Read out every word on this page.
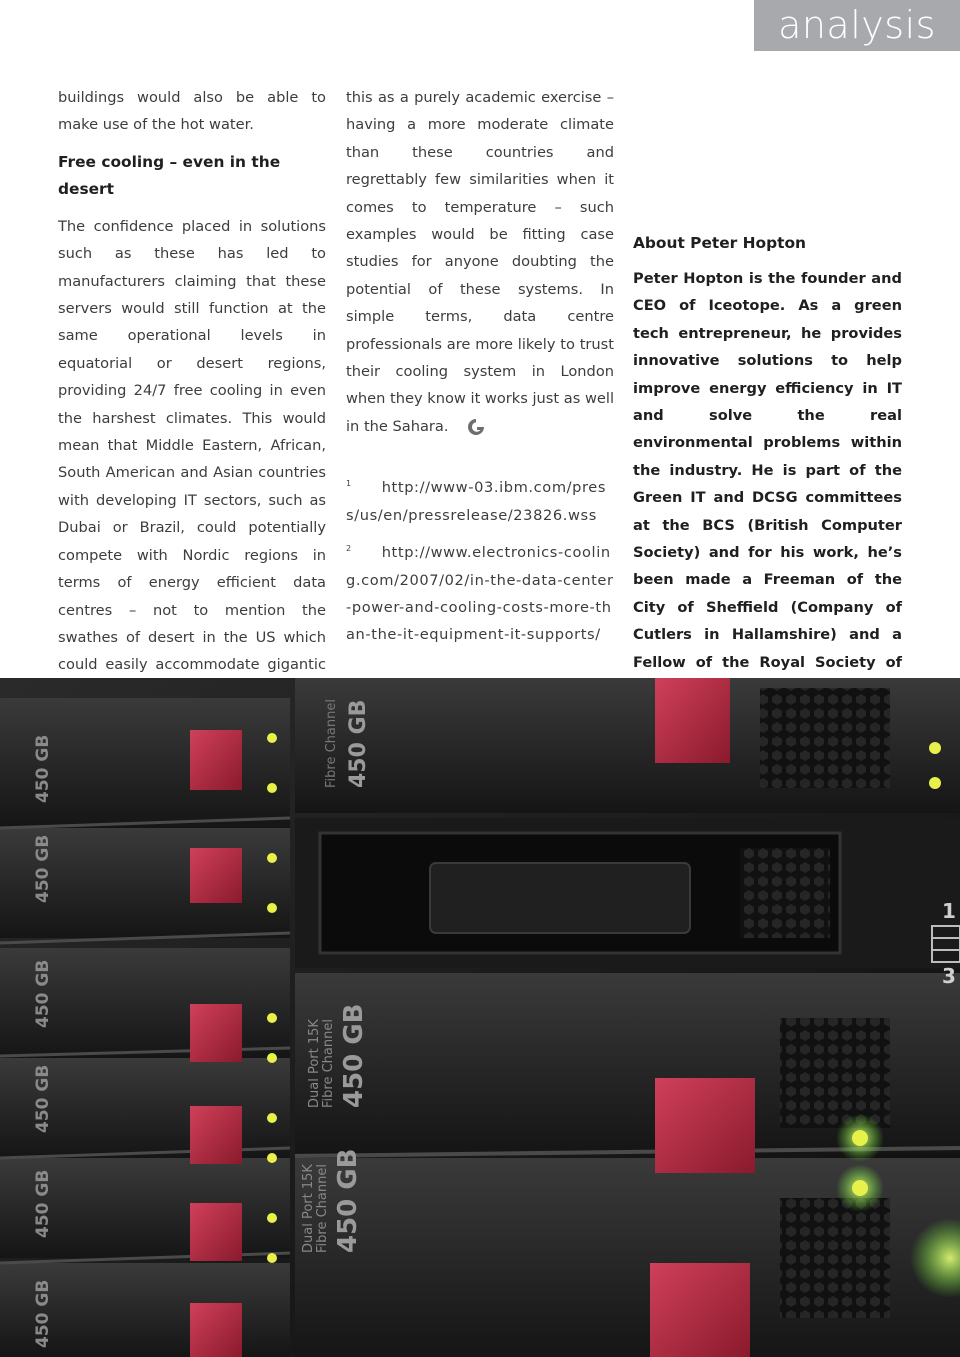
analysis

buildings would also be able to make use of the hot water.

Free cooling – even in the desert

The confidence placed in solutions such as these has led to manufacturers claiming that these servers would still function at the same operational levels in equatorial or desert regions, providing 24/7 free cooling in even the harshest climates. This would mean that Middle Eastern, African, South American and Asian countries with developing IT sectors, such as Dubai or Brazil, could potentially compete with Nordic regions in terms of energy efficient data centres – not to mention the swathes of desert in the US which could easily accommodate gigantic

this as a purely academic exercise – having a more moderate climate than these countries and regrettably few similarities when it comes to temperature – such examples would be fitting case studies for anyone doubting the potential of these systems. In simple terms, data centre professionals are more likely to trust their cooling system in London when they know it works just as well in the Sahara.

$^1$ http://www-03.ibm.com/press/us/en/pressrelease/23826.wss

$^2$ http://www.electronics-cooling.com/2007/02/in-the-data-center-power-and-cooling-costs-more-than-the-it-equipment-it-supports/

About Peter Hopton

Peter Hopton is the founder and CEO of Iceotope. As a green tech entrepreneur, he provides innovative solutions to help improve energy efficiency in IT and solve the real environmental problems within the industry. He is part of the Green IT and DCSG committees at the BCS (British Computer Society) and for his work, he’s been made a Freeman of the City of Sheffield (Company of Cutlers in Hallamshire) and a Fellow of the Royal Society of

450 GB
450 GB
450 GB
450 GB
450 GB
450 GB
450 GB
Fibre Channel
450 GB
450 GB
Fibre Channel
Fibre Channel
Dual Port 15K
Dual Port 15K
1
3
